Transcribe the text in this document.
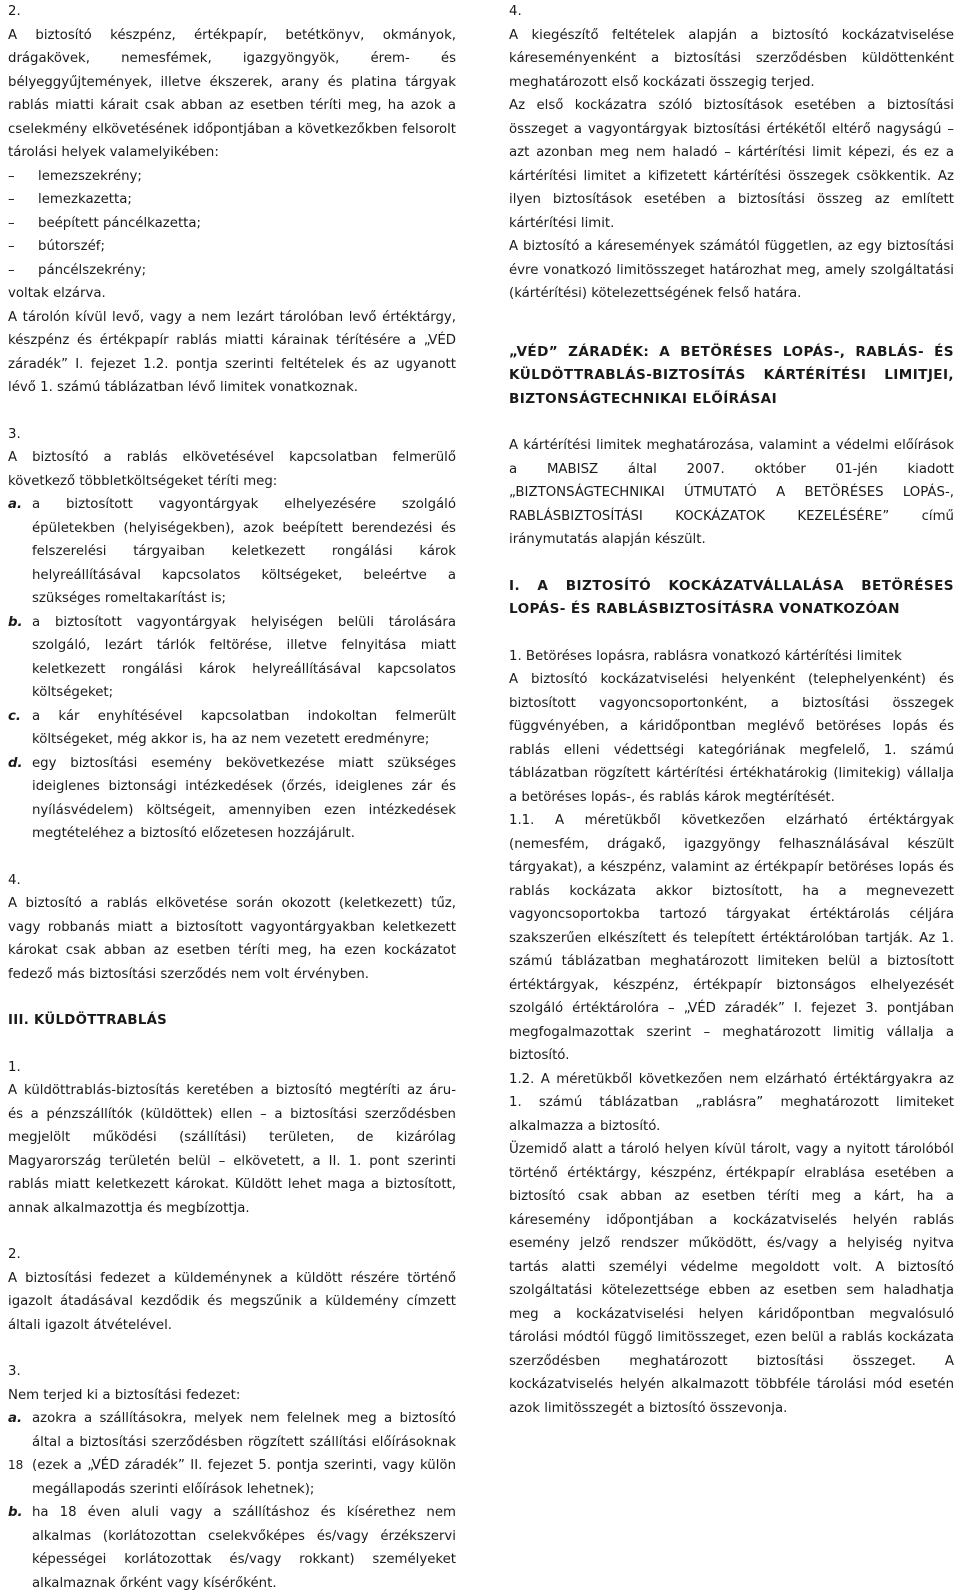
2.

A biztosító készpénz, értékpapír, betétkönyv, okmányok, drágakövek, nemesfémek, igazgyöngyök, érem- és bélyeggyűjtemények, illetve ékszerek, arany és platina tárgyak rablás miatti kárait csak abban az esetben téríti meg, ha azok a cselekmény elkövetésének időpontjában a következőkben felsorolt tárolási helyek valamelyikében:

–	lemezszekrény;
–	lemezkazetta;
–	beépített páncélkazetta;
–	bútorszéf;
–	páncélszekrény;

voltak elzárva.

A tárolón kívül levő, vagy a nem lezárt tárolóban levő értéktárgy, készpénz és értékpapír rablás miatti kárainak térítésére a „VÉD záradék” I. fejezet 1.2. pontja szerinti feltételek és az ugyanott lévő 1. számú táblázatban lévő limitek vonatkoznak.

3.

A biztosító a rablás elkövetésével kapcsolatban felmerülő következő többletköltségeket téríti meg:

a. a biztosított vagyontárgyak elhelyezésére szolgáló épületekben (helyiségekben), azok beépített berendezési és felszerelési tárgyaiban keletkezett rongálási károk helyreállításával kapcsolatos költségeket, beleértve a szükséges romeltakarítást is;
b. a biztosított vagyontárgyak helyiségen belüli tárolására szolgáló, lezárt tárlók feltörése, illetve felnyitása miatt keletkezett rongálási károk helyreállításával kapcsolatos költségeket;
c. a kár enyhítésével kapcsolatban indokoltan felmerült költségeket, még akkor is, ha az nem vezetett eredményre;
d. egy biztosítási esemény bekövetkezése miatt szükséges ideiglenes biztonsági intézkedések (őrzés, ideiglenes zár és nyílásvédelem) költségeit, amennyiben ezen intézkedések megtételéhez a biztosító előzetesen hozzájárult.
4.

A biztosító a rablás elkövetése során okozott (keletkezett) tűz, vagy robbanás miatt a biztosított vagyontárgyakban keletkezett károkat csak abban az esetben téríti meg, ha ezen kockázatot fedező más biztosítási szerződés nem volt érvényben.

III. KÜLDÖTTRABLÁS

1.

A küldöttrablás-biztosítás keretében a biztosító megtéríti az áru- és a pénzszállítók (küldöttek) ellen – a biztosítási szerződésben megjelölt működési (szállítási) területen, de kizárólag Magyarország területén belül – elkövetett, a II. 1. pont szerinti rablás miatt keletkezett károkat. Küldött lehet maga a biztosított, annak alkalmazottja és megbízottja.

2.

A biztosítási fedezet a küldeménynek a küldött részére történő igazolt átadásával kezdődik és megszűnik a küldemény címzett általi igazolt átvételével.

3.

Nem terjed ki a biztosítási fedezet:

a. azokra a szállításokra, melyek nem felelnek meg a biztosító által a biztosítási szerződésben rögzített szállítási előírásoknak (ezek a „VÉD záradék” II. fejezet 5. pontja szerinti, vagy külön megállapodás szerinti előírások lehetnek);
b. ha 18 éven aluli vagy a szállításhoz és kísérethez nem alkalmas (korlátozottan cselekvőképes és/vagy érzékszervi képességei korlátozottak és/vagy rokkant) személyeket alkalmaznak őrként vagy kísérőként.
4.

A kiegészítő feltételek alapján a biztosító kockázatviselése káreseményenként a biztosítási szerződésben küldöttenként meghatározott első kockázati összegig terjed.

Az első kockázatra szóló biztosítások esetében a biztosítási összeget a vagyontárgyak biztosítási értékétől eltérő nagyságú – azt azonban meg nem haladó – kártérítési limit képezi, és ez a kártérítési limitet a kifizetett kártérítési összegek csökkentik. Az ilyen biztosítások esetében a biztosítási összeg az említett kártérítési limit.

A biztosító a káresemények számától független, az egy biztosítási évre vonatkozó limitösszeget határozhat meg, amely szolgáltatási (kártérítési) kötelezettségének felső határa.

„VÉD” ZÁRADÉK: A BETÖRÉSES LOPÁS-, RABLÁS- ÉS KÜLDÖTTRABLÁS-BIZTOSÍTÁS KÁRTÉRÍTÉSI LIMITJEI, BIZTONSÁGTECHNIKAI ELŐÍRÁSAI

A kártérítési limitek meghatározása, valamint a védelmi előírások a MABISZ által 2007. október 01-jén kiadott „BIZTONSÁGTECHNIKAI ÚTMUTATÓ A BETÖRÉSES LOPÁS-, RABLÁSBIZTOSÍTÁSI KOCKÁZATOK KEZELÉSÉRE” című iránymutatás alapján készült.

I. A BIZTOSÍTÓ KOCKÁZATVÁLLALÁSA BETÖRÉSES LOPÁS- ÉS RABLÁSBIZTOSÍTÁSRA VONATKOZÓAN

1. Betöréses lopásra, rablásra vonatkozó kártérítési limitek

A biztosító kockázatviselési helyenként (telephelyenként) és biztosított vagyoncsoportonként, a biztosítási összegek függvényében, a káridőpontban meglévő betöréses lopás és rablás elleni védettségi kategóriának megfelelő, 1. számú táblázatban rögzített kártérítési értékhatárokig (limitekig) vállalja a betöréses lopás-, és rablás károk megtérítését.

1.1. A méretükből következően elzárható értéktárgyak (nemesfém, drágakő, igazgyöngy felhasználásával készült tárgyakat), a készpénz, valamint az értékpapír betöréses lopás és rablás kockázata akkor biztosított, ha a megnevezett vagyoncsoportokba tartozó tárgyakat értéktárolás céljára szakszerűen elkészített és telepített értéktárolóban tartják. Az 1. számú táblázatban meghatározott limiteken belül a biztosított értéktárgyak, készpénz, értékpapír biztonságos elhelyezését szolgáló értéktárolóra – „VÉD záradék” I. fejezet 3. pontjában megfogalmazottak szerint – meghatározott limitig vállalja a biztosító.

1.2. A méretükből következően nem elzárható értéktárgyakra az 1. számú táblázatban „rablásra” meghatározott limiteket alkalmazza a biztosító.

Üzemidő alatt a tároló helyen kívül tárolt, vagy a nyitott tárolóból történő értéktárgy, készpénz, értékpapír elrablása esetében a biztosító csak abban az esetben téríti meg a kárt, ha a káresemény időpontjában a kockázatviselés helyén rablás esemény jelző rendszer működött, és/vagy a helyiség nyitva tartás alatti személyi védelme megoldott volt. A biztosító szolgáltatási kötelezettsége ebben az esetben sem haladhatja meg a kockázatviselési helyen káridőpontban megvalósuló tárolási módtól függő limitösszeget, ezen belül a rablás kockázata szerződésben meghatározott biztosítási összeget. A kockázatviselés helyén alkalmazott többféle tárolási mód esetén azok limitösszegét a biztosító összevonja.

18
